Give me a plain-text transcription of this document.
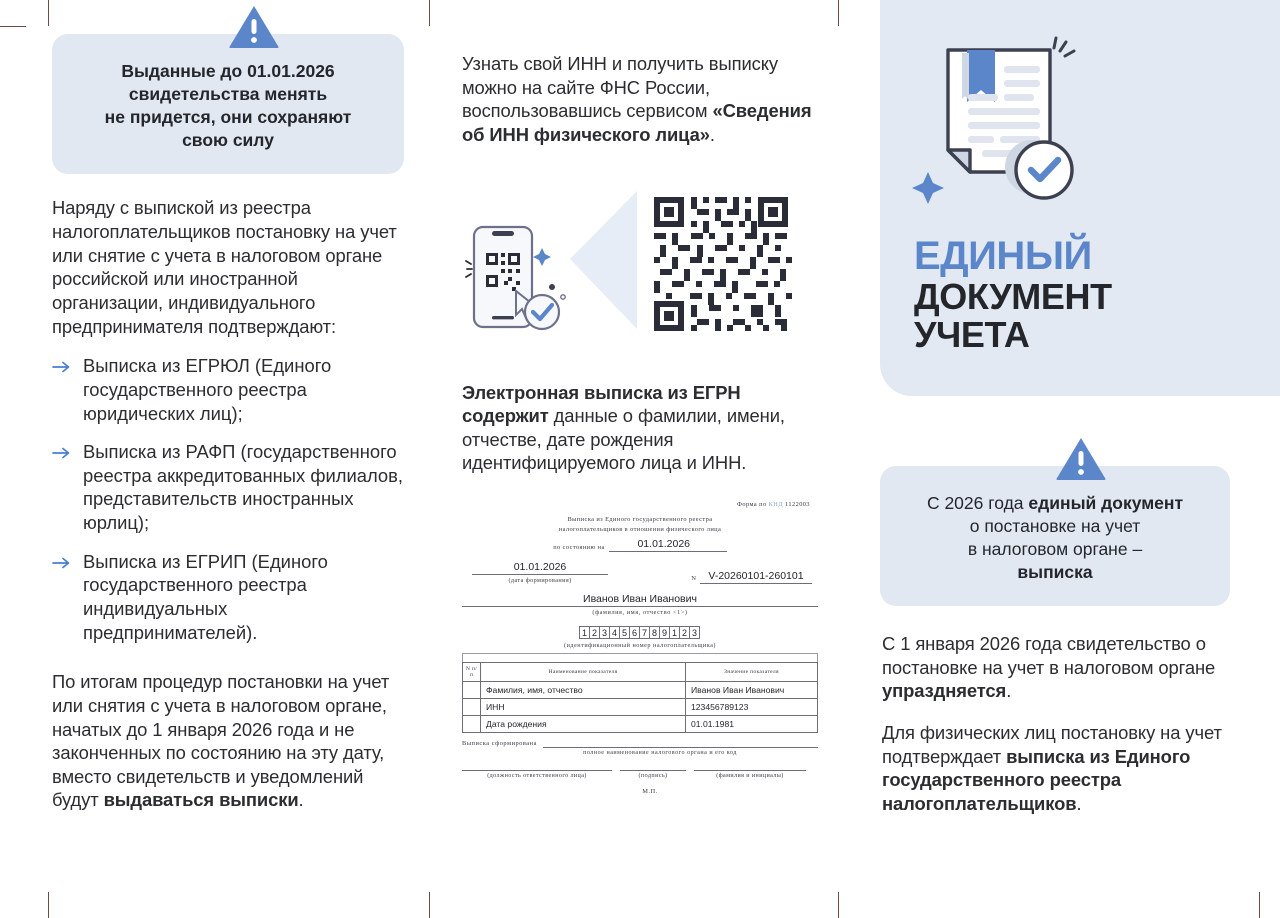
Выданные до 01.01.2026
свидетельства менять
не придется, они сохраняют
свою силу

Наряду с выпиской из реестра налогоплательщиков постановку на учет или снятие с учета в налоговом органе российской или иностранной организации, индивидуального предпринимателя подтверждают:

Выписка из ЕГРЮЛ (Единого государственного реестра юридических лиц);
Выписка из РАФП (государственного реестра аккредитованных филиалов, представительств иностранных юрлиц);
Выписка из ЕГРИП (Единого государственного реестра индивидуальных предпринимателей).

По итогам процедур постановки на учет или снятия с учета в налоговом органе, начатых до 1 января 2026 года и не законченных по состоянию на эту дату, вместо свидетельств и уведомлений будут выдаваться выписки.

Узнать свой ИНН и получить выписку можно на сайте ФНС России, воспользовавшись сервисом «Сведения об ИНН физического лица».

Электронная выписка из ЕГРН содержит данные о фамилии, имени, отчестве, дате рождения идентифицируемого лица и ИНН.

Форма по КНД 1122003
Выписка из Единого государственного реестра
налогоплательщиков в отношении физического лица
по состоянию на	01.01.2026
01.01.2026
(дата формирования)	N	V-20260101-260101
Иванов Иван Иванович
(фамилия, имя, отчество <1>)
1 2 3 4 5 6 7 8 9 1 2 3
(идентификационный номер налогоплательщика)
N п/п	Наименование показателя	Значение показателя
	Фамилия, имя, отчество	Иванов Иван Иванович
	ИНН	123456789123
	Дата рождения	01.01.1981
Выписка сформирована
полное наименование налогового органа и его код
(должность ответственного лица)	(подпись)	(фамилия и инициалы)
М.П.
ЕДИНЫЙ
ДОКУМЕНТ
УЧЕТА
С 2026 года единый документ
о постановке на учет
в налоговом органе –
выписка

С 1 января 2026 года свидетельство о постановке на учет в налоговом органе упраздняется.

Для физических лиц постановку на учет подтверждает выписка из Единого государственного реестра налогоплательщиков.
